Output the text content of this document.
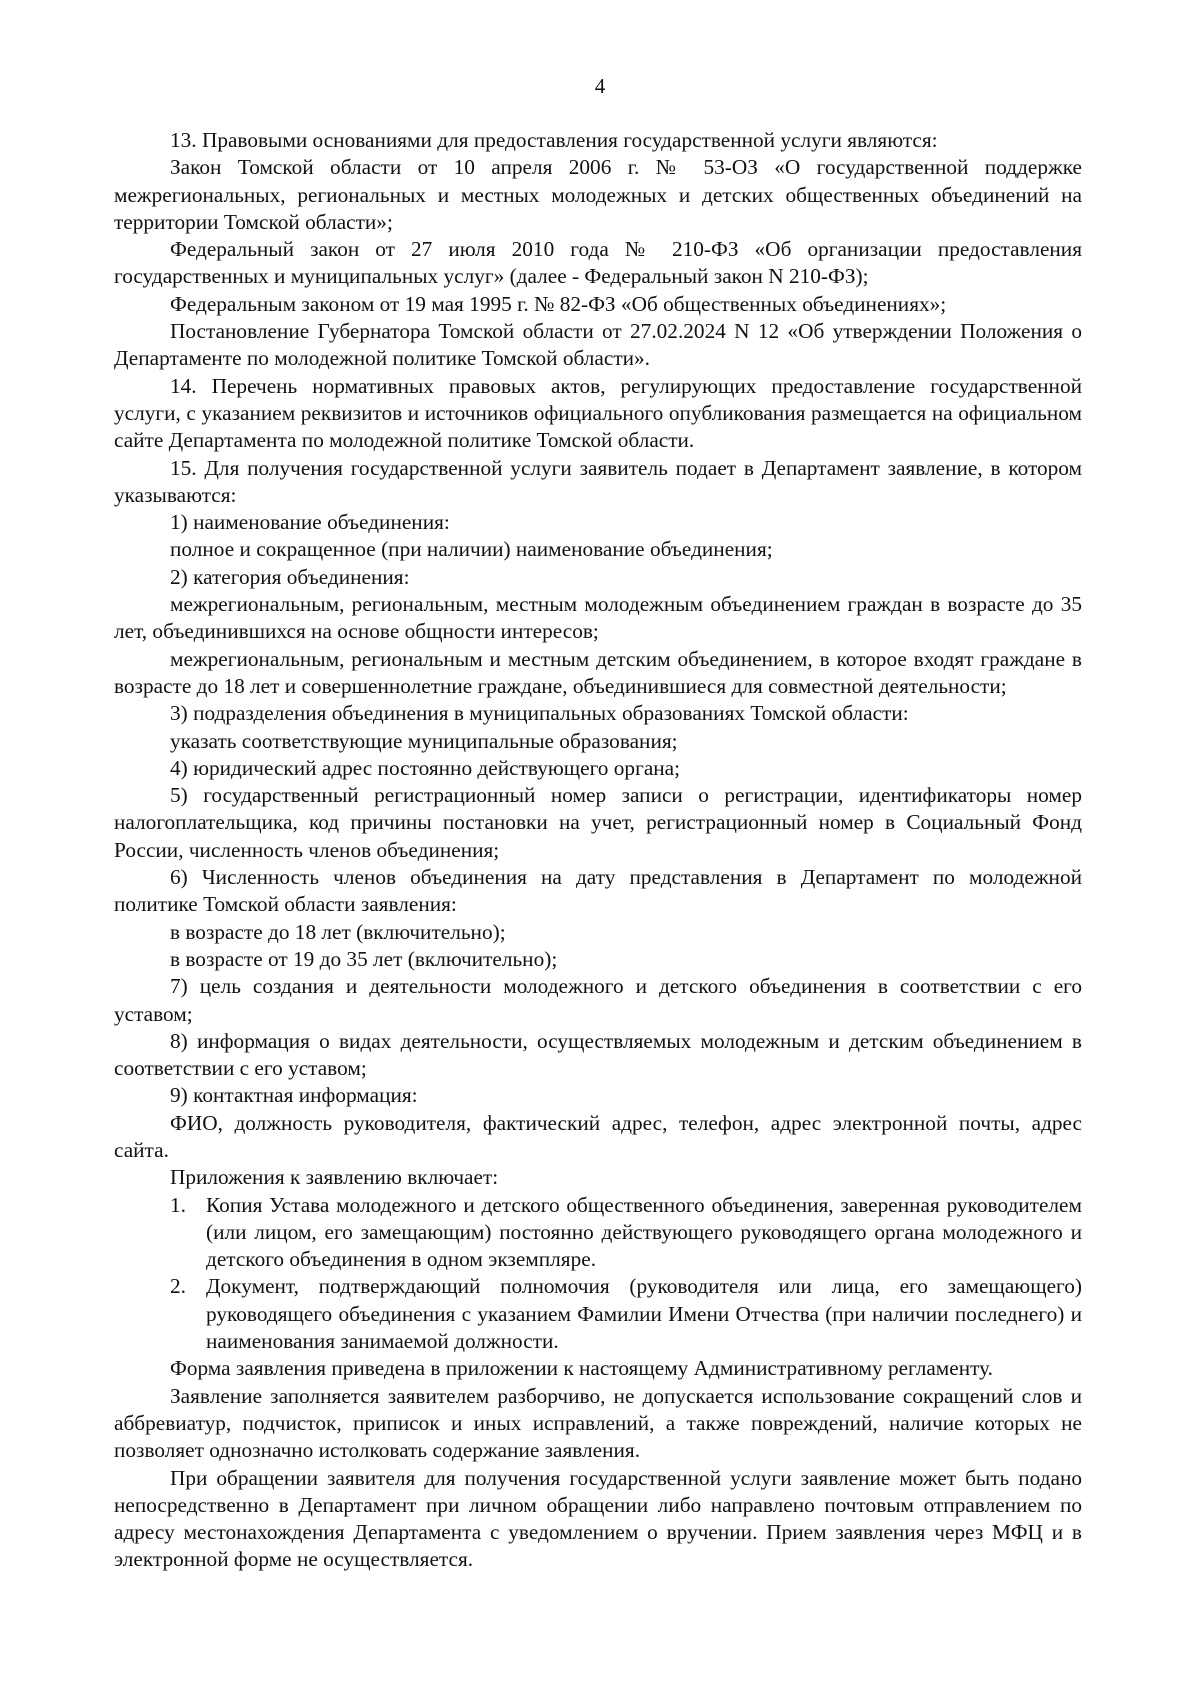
4

13. Правовыми основаниями для предоставления государственной услуги являются:

Закон Томской области от 10 апреля 2006 г. № 53-ОЗ «О государственной поддержке межрегиональных, региональных и местных молодежных и детских общественных объединений на территории Томской области»;

Федеральный закон от 27 июля 2010 года № 210-ФЗ «Об организации предоставления государственных и муниципальных услуг» (далее - Федеральный закон N 210-ФЗ);

Федеральным законом от 19 мая 1995 г. № 82-ФЗ «Об общественных объединениях»;

Постановление Губернатора Томской области от 27.02.2024 N 12 «Об утверждении Положения о Департаменте по молодежной политике Томской области».

14. Перечень нормативных правовых актов, регулирующих предоставление государственной услуги, с указанием реквизитов и источников официального опубликования размещается на официальном сайте Департамента по молодежной политике Томской области.

15. Для получения государственной услуги заявитель подает в Департамент заявление, в котором указываются:

1) наименование объединения:

полное и сокращенное (при наличии) наименование объединения;

2) категория объединения:

межрегиональным, региональным, местным молодежным объединением граждан в возрасте до 35 лет, объединившихся на основе общности интересов;

межрегиональным, региональным и местным детским объединением, в которое входят граждане в возрасте до 18 лет и совершеннолетние граждане, объединившиеся для совместной деятельности;

3) подразделения объединения в муниципальных образованиях Томской области:

указать соответствующие муниципальные образования;

4) юридический адрес постоянно действующего органа;

5) государственный регистрационный номер записи о регистрации, идентификаторы номер налогоплательщика, код причины постановки на учет, регистрационный номер в Социальный Фонд России, численность членов объединения;

6) Численность членов объединения на дату представления в Департамент по молодежной политике Томской области заявления:

в возрасте до 18 лет (включительно);

в возрасте от 19 до 35 лет (включительно);

7) цель создания и деятельности молодежного и детского объединения в соответствии с его уставом;

8) информация о видах деятельности, осуществляемых молодежным и детским объединением в соответствии с его уставом;

9) контактная информация:

ФИО, должность руководителя, фактический адрес, телефон, адрес электронной почты, адрес сайта.

Приложения к заявлению включает:

1. Копия Устава молодежного и детского общественного объединения, заверенная руководителем (или лицом, его замещающим) постоянно действующего руководящего органа молодежного и детского объединения в одном экземпляре.
2. Документ, подтверждающий полномочия (руководителя или лица, его замещающего) руководящего объединения с указанием Фамилии Имени Отчества (при наличии последнего) и наименования занимаемой должности.

Форма заявления приведена в приложении к настоящему Административному регламенту.

Заявление заполняется заявителем разборчиво, не допускается использование сокращений слов и аббревиатур, подчисток, приписок и иных исправлений, а также повреждений, наличие которых не позволяет однозначно истолковать содержание заявления.

При обращении заявителя для получения государственной услуги заявление может быть подано непосредственно в Департамент при личном обращении либо направлено почтовым отправлением по адресу местонахождения Департамента с уведомлением о вручении. Прием заявления через МФЦ и в электронной форме не осуществляется.
